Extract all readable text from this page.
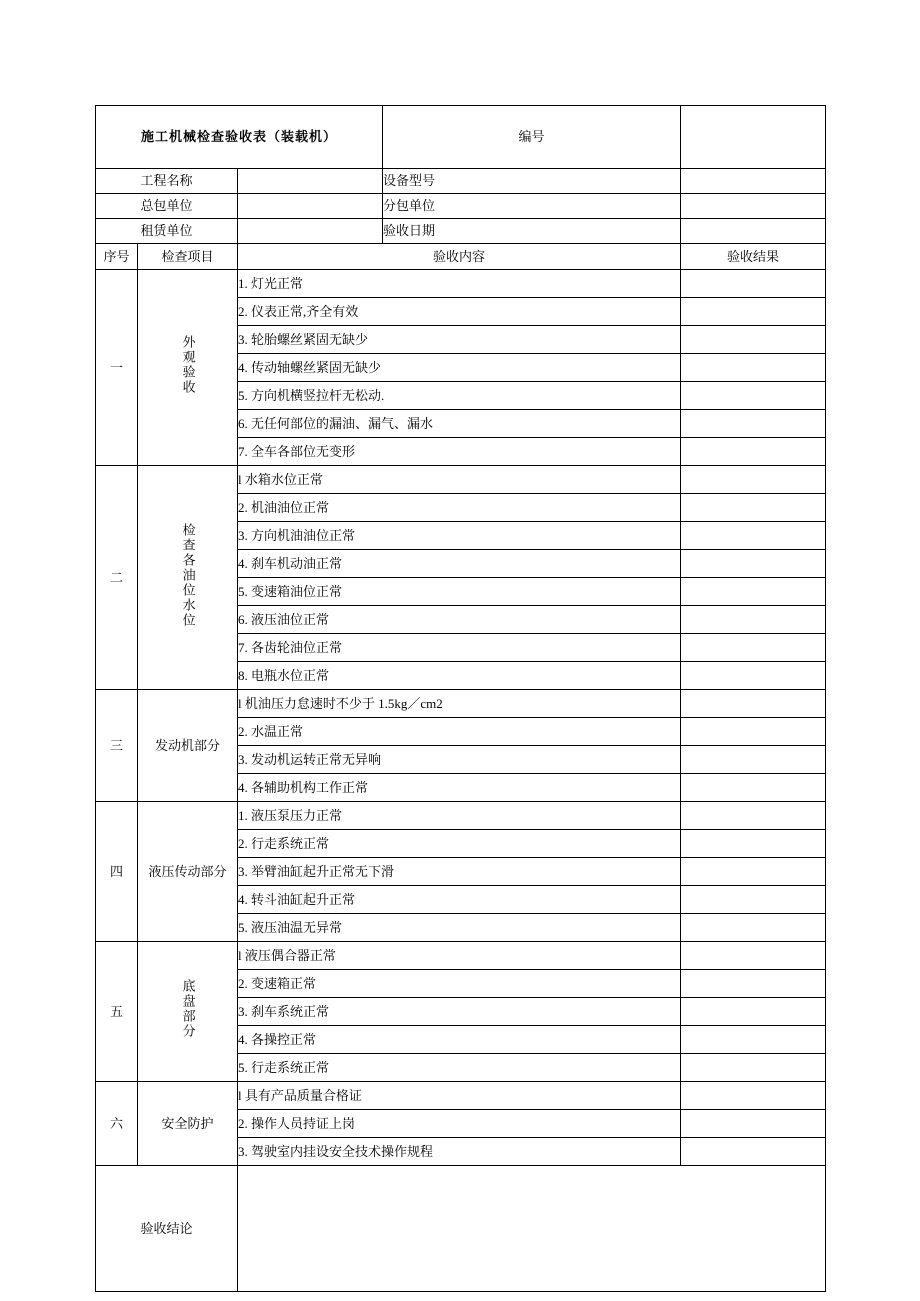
施工机械检查验收表（装载机）			编号	
工程名称			设备型号	
总包单位			分包单位	
租赁单位			验收日期	
序号	检查项目	验收内容		验收结果
一	外观验收	1. 灯光正常		
		2. 仪表正常,齐全有效		
		3. 轮胎螺丝紧固无缺少		
		4. 传动轴螺丝紧固无缺少		
		5. 方向机横竖拉杆无松动.		
		6. 无任何部位的漏油、漏气、漏水		
		7. 全车各部位无变形		
二	检查各油位水位	l 水箱水位正常		
		2. 机油油位正常		
		3. 方向机油油位正常		
		4. 刹车机动油正常		
		5. 变速箱油位正常		
		6. 液压油位正常		
		7. 各齿轮油位正常		
		8. 电瓶水位正常		
三	发动机部分	l 机油压力怠速时不少于 1.5kg／cm2		
		2. 水温正常		
		3. 发动机运转正常无异响		
		4. 各辅助机构工作正常		
四	液压传动部分	1. 液压泵压力正常		
		2. 行走系统正常		
		3. 举臂油缸起升正常无下滑		
		4. 转斗油缸起升正常		
		5. 液压油温无异常		
五	底盘部分	l 液压偶合器正常		
		2. 变速箱正常		
		3. 刹车系统正常		
		4. 各操控正常		
		5. 行走系统正常		
六	安全防护	l 具有产品质量合格证		
		2. 操作人员持证上岗		
		3. 驾驶室内挂设安全技术操作规程		
验收结论				
